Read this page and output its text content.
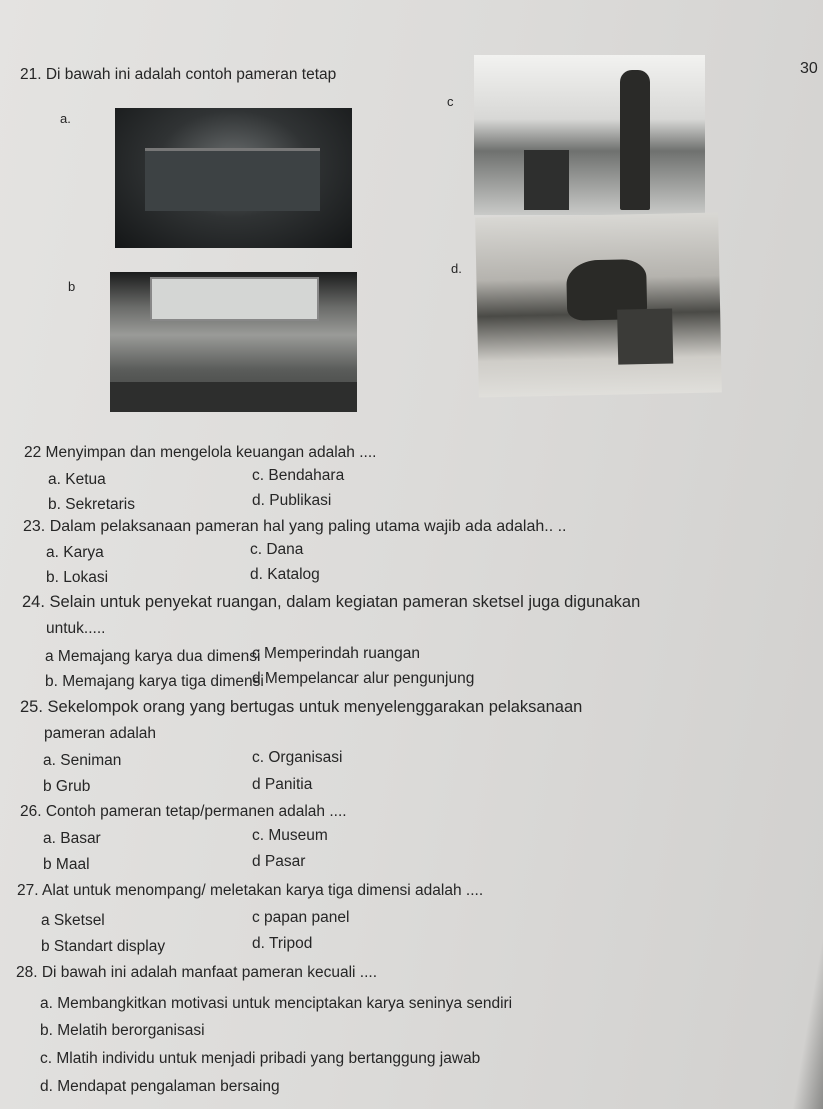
30
21. Di bawah ini adalah contoh pameran tetap
a.
b
c
d.
22 Menyimpan dan mengelola keuangan adalah ....
a. Ketua
b. Sekretaris
c. Bendahara
d. Publikasi
23. Dalam pelaksanaan pameran hal yang paling utama wajib ada adalah.. ..
a. Karya
b. Lokasi
c. Dana
d. Katalog
24. Selain untuk penyekat ruangan, dalam kegiatan pameran sketsel juga digunakan
untuk.....
a Memajang karya dua dimensi
b. Memajang karya tiga dimensi
c Memperindah ruangan
d Mempelancar alur pengunjung
25. Sekelompok orang yang bertugas untuk menyelenggarakan pelaksanaan
pameran adalah
a. Seniman
b Grub
c. Organisasi
d Panitia
26. Contoh pameran tetap/permanen adalah ....
a. Basar
b Maal
c. Museum
d Pasar
27. Alat untuk menompang/ meletakan karya tiga dimensi adalah ....
a Sketsel
b Standart display
c papan panel
d. Tripod
28. Di bawah ini adalah manfaat pameran kecuali ....
a. Membangkitkan motivasi untuk menciptakan karya seninya sendiri
b. Melatih berorganisasi
c. Mlatih individu untuk menjadi pribadi yang bertanggung jawab
d. Mendapat pengalaman bersaing
